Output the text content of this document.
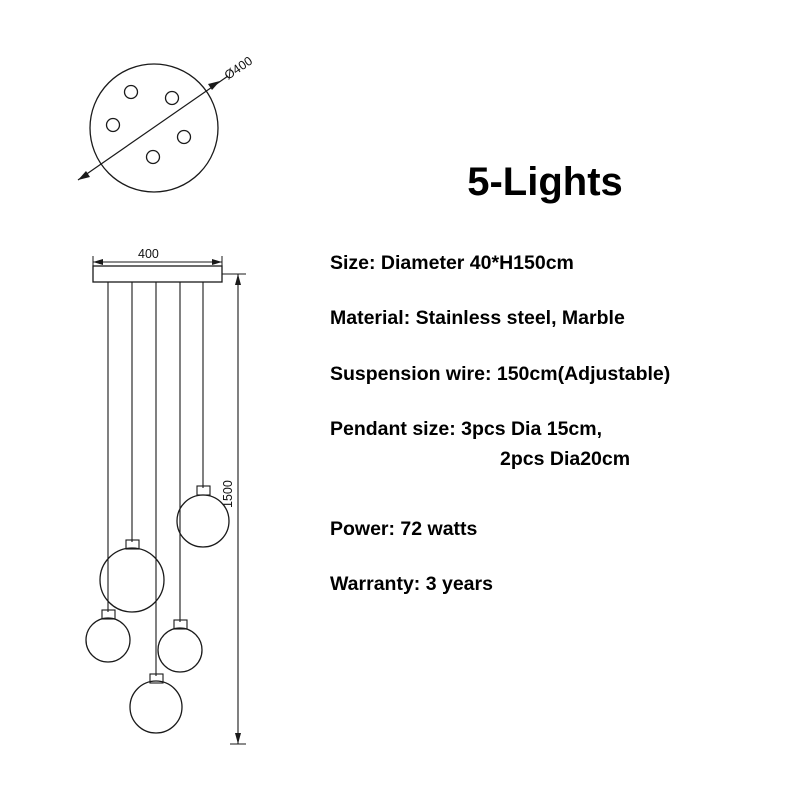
Ø400
400
1500
5-Lights

Size: Diameter 40*H150cm

Material: Stainless steel, Marble

Suspension wire: 150cm(Adjustable)

Pendant size: 3pcs Dia 15cm,

2pcs Dia20cm

Power: 72 watts

Warranty: 3 years
